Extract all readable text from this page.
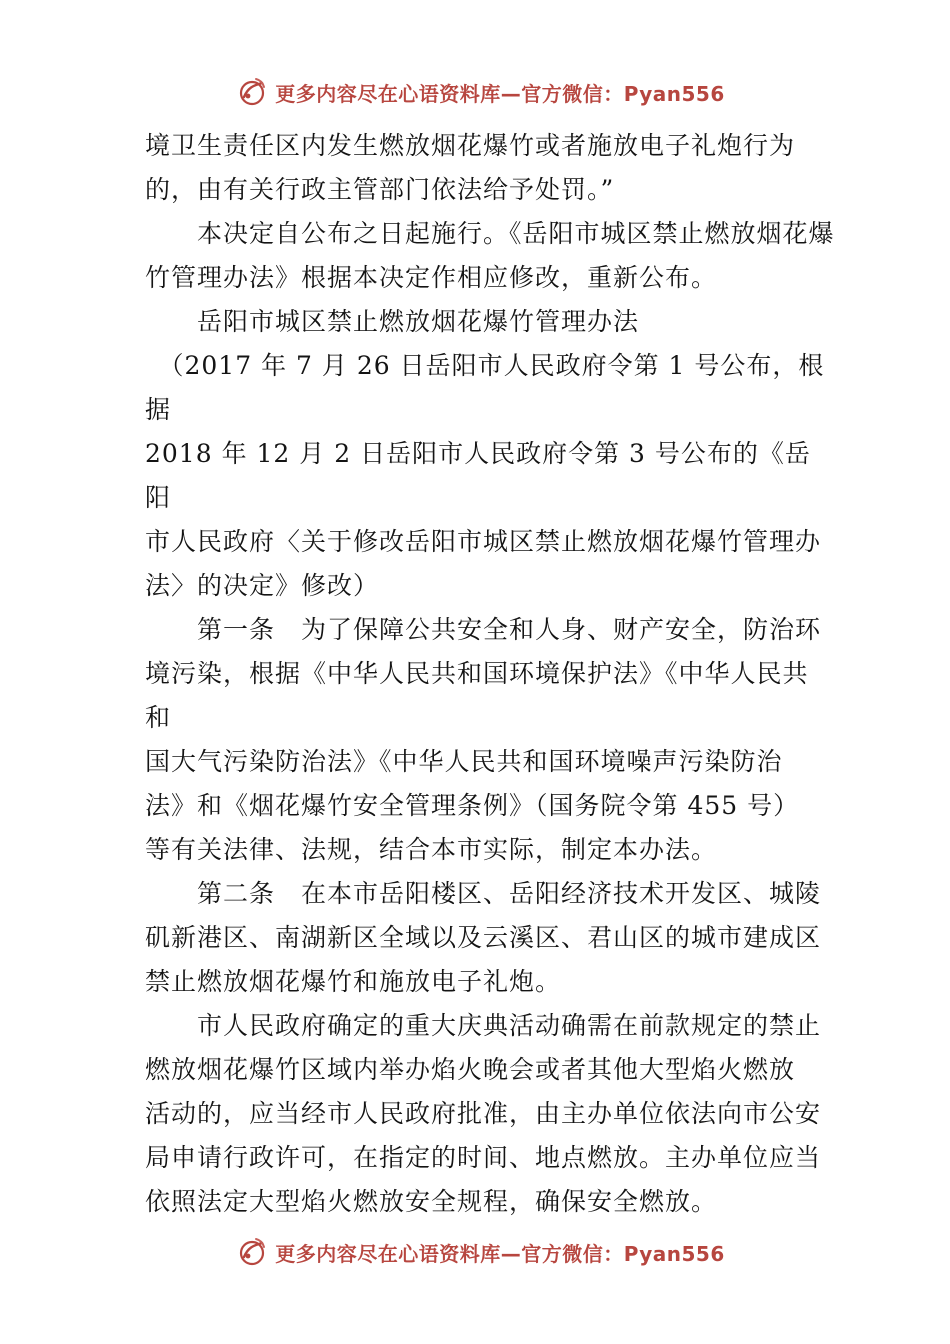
更多内容尽在心语资料库—官方微信：Pyan556

境卫生责任区内发生燃放烟花爆竹或者施放电子礼炮行为
的，由有关行政主管部门依法给予处罚。”

　　本决定自公布之日起施行。《岳阳市城区禁止燃放烟花爆
竹管理办法》根据本决定作相应修改，重新公布。

　　岳阳市城区禁止燃放烟花爆竹管理办法

　（2017 年 7 月 26 日岳阳市人民政府令第 1 号公布，根据
2018 年 12 月 2 日岳阳市人民政府令第 3 号公布的《岳阳
市人民政府〈关于修改岳阳市城区禁止燃放烟花爆竹管理办
法〉的决定》修改）

　　第一条　为了保障公共安全和人身、财产安全，防治环
境污染，根据《中华人民共和国环境保护法》《中华人民共 和
国大气污染防治法》《中华人民共和国环境噪声污染防治
法》和《烟花爆竹安全管理条例》（国务院令第 455 号）
等有关法律、法规，结合本市实际，制定本办法。

　　第二条　在本市岳阳楼区、岳阳经济技术开发区、城陵
矶新港区、南湖新区全域以及云溪区、君山区的城市建成区
禁止燃放烟花爆竹和施放电子礼炮。

　　市人民政府确定的重大庆典活动确需在前款规定的禁止
燃放烟花爆竹区域内举办焰火晚会或者其他大型焰火燃放
活动的，应当经市人民政府批准，由主办单位依法向市公安
局申请行政许可，在指定的时间、地点燃放。主办单位应当
依照法定大型焰火燃放安全规程，确保安全燃放。

更多内容尽在心语资料库—官方微信：Pyan556
